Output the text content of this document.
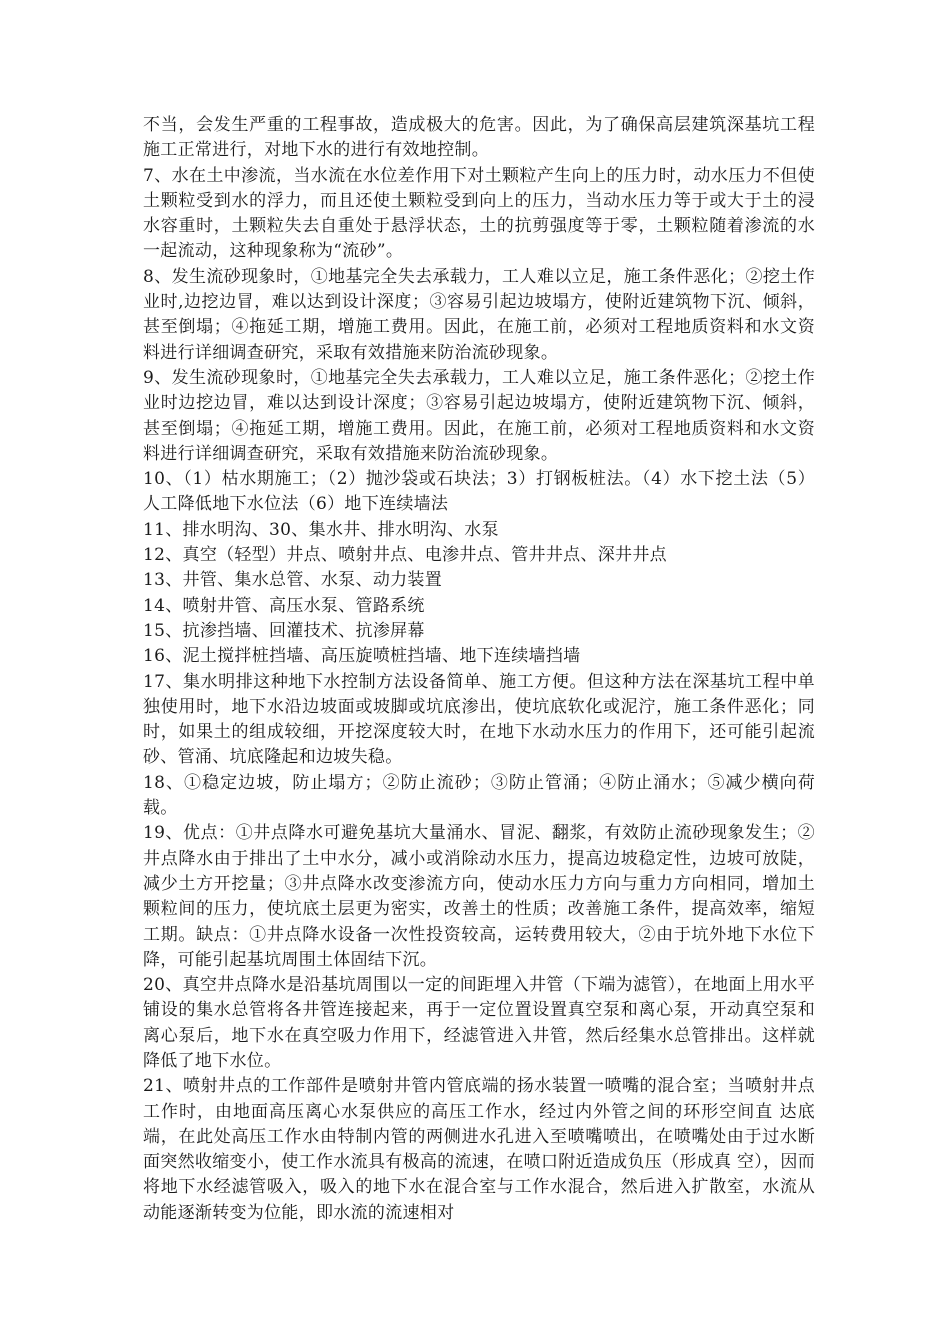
不当，会发生严重的工程事故，造成极大的危害。因此，为了确保高层建筑深基坑工程施工正常进行，对地下水的进行有效地控制。

7、水在土中渗流，当水流在水位差作用下对土颗粒产生向上的压力时，动水压力不但使土颗粒受到水的浮力，而且还使土颗粒受到向上的压力，当动水压力等于或大于土的浸水容重时，土颗粒失去自重处于悬浮状态，土的抗剪强度等于零，土颗粒随着渗流的水一起流动，这种现象称为“流砂”。

8、发生流砂现象时，①地基完全失去承载力，工人难以立足，施工条件恶化；②挖土作业时,边挖边冒，难以达到设计深度；③容易引起边坡塌方，使附近建筑物下沉、倾斜，甚至倒塌；④拖延工期，增施工费用。因此，在施工前，必须对工程地质资料和水文资料进行详细调查研究，采取有效措施来防治流砂现象。

9、发生流砂现象时，①地基完全失去承载力，工人难以立足，施工条件恶化；②挖土作业时边挖边冒，难以达到设计深度；③容易引起边坡塌方，使附近建筑物下沉、倾斜，甚至倒塌；④拖延工期，增施工费用。因此，在施工前，必须对工程地质资料和水文资料进行详细调查研究，采取有效措施来防治流砂现象。

10、（1）枯水期施工；（2）抛沙袋或石块法；3）打钢板桩法。（4）水下挖土法（5）人工降低地下水位法（6）地下连续墙法

11、排水明沟、30、集水井、排水明沟、水泵

12、真空（轻型）井点、喷射井点、电渗井点、管井井点、深井井点

13、井管、集水总管、水泵、动力装置

14、喷射井管、高压水泵、管路系统

15、抗渗挡墙、回灌技术、抗渗屏幕

16、泥土搅拌桩挡墙、高压旋喷桩挡墙、地下连续墙挡墙

17、集水明排这种地下水控制方法设备简单、施工方便。但这种方法在深基坑工程中单独使用时，地下水沿边坡面或坡脚或坑底渗出，使坑底软化或泥泞，施工条件恶化；同时，如果土的组成较细，开挖深度较大时，在地下水动水压力的作用下，还可能引起流砂、管涌、坑底隆起和边坡失稳。

18、①稳定边坡，防止塌方；②防止流砂；③防止管涌；④防止涌水；⑤减少横向荷载。

19、优点：①井点降水可避免基坑大量涌水、冒泥、翻浆，有效防止流砂现象发生；②井点降水由于排出了土中水分，减小或消除动水压力，提高边坡稳定性，边坡可放陡，减少土方开挖量；③井点降水改变渗流方向，使动水压力方向与重力方向相同，增加土颗粒间的压力，使坑底土层更为密实，改善土的性质；改善施工条件，提高效率，缩短工期。缺点：①井点降水设备一次性投资较高，运转费用较大，②由于坑外地下水位下降，可能引起基坑周围土体固结下沉。

20、真空井点降水是沿基坑周围以一定的间距埋入井管（下端为滤管），在地面上用水平铺设的集水总管将各井管连接起来，再于一定位置设置真空泵和离心泵，开动真空泵和离心泵后，地下水在真空吸力作用下，经滤管进入井管，然后经集水总管排出。这样就降低了地下水位。

21、喷射井点的工作部件是喷射井管内管底端的扬水装置一喷嘴的混合室；当喷射井点工作时，由地面高压离心水泵供应的高压工作水，经过内外管之间的环形空间直 达底端，在此处高压工作水由特制内管的两侧进水孔进入至喷嘴喷出，在喷嘴处由于过水断 面突然收缩变小，使工作水流具有极高的流速，在喷口附近造成负压（形成真 空），因而将地下水经滤管吸入，吸入的地下水在混合室与工作水混合，然后进入扩散室，水流从动能逐渐转变为位能，即水流的流速相对
